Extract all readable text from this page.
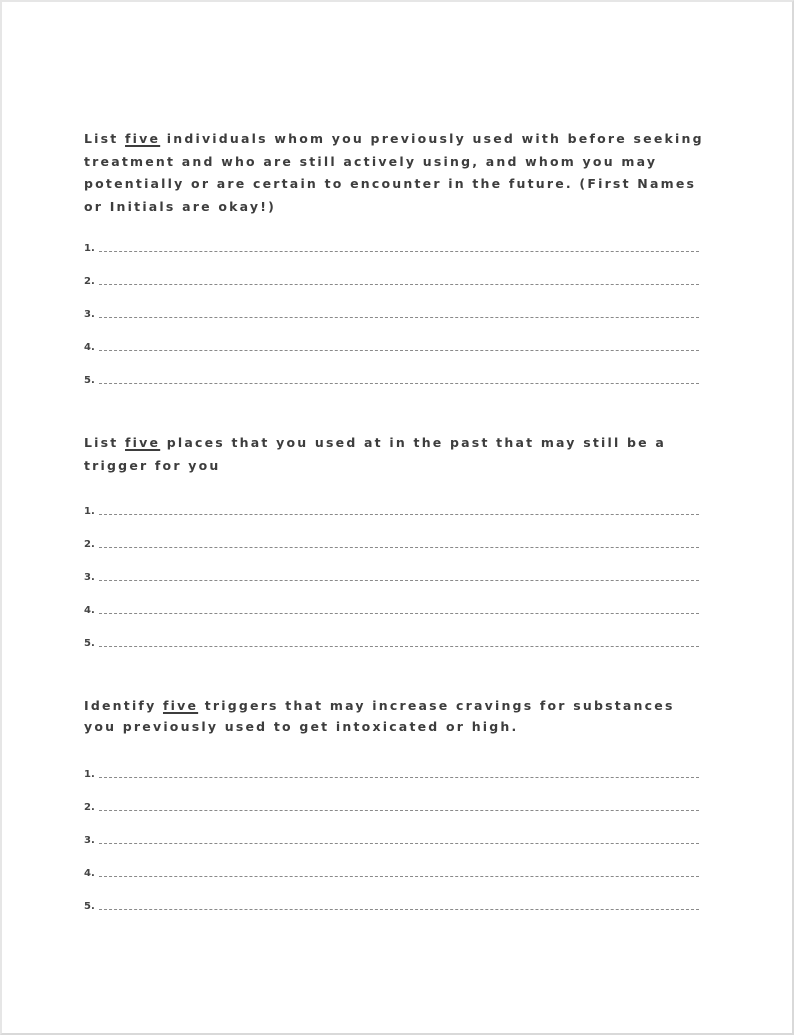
List five individuals whom you previously used with before seeking treatment and who are still actively using, and whom you may potentially or are certain to encounter in the future. (First Names or Initials are okay!)

1.
2.
3.
4.
5.

List five places that you used at in the past that may still be a trigger for you

1.
2.
3.
4.
5.

Identify five triggers that may increase cravings for substances you previously used to get intoxicated or high.

1.
2.
3.
4.
5.
